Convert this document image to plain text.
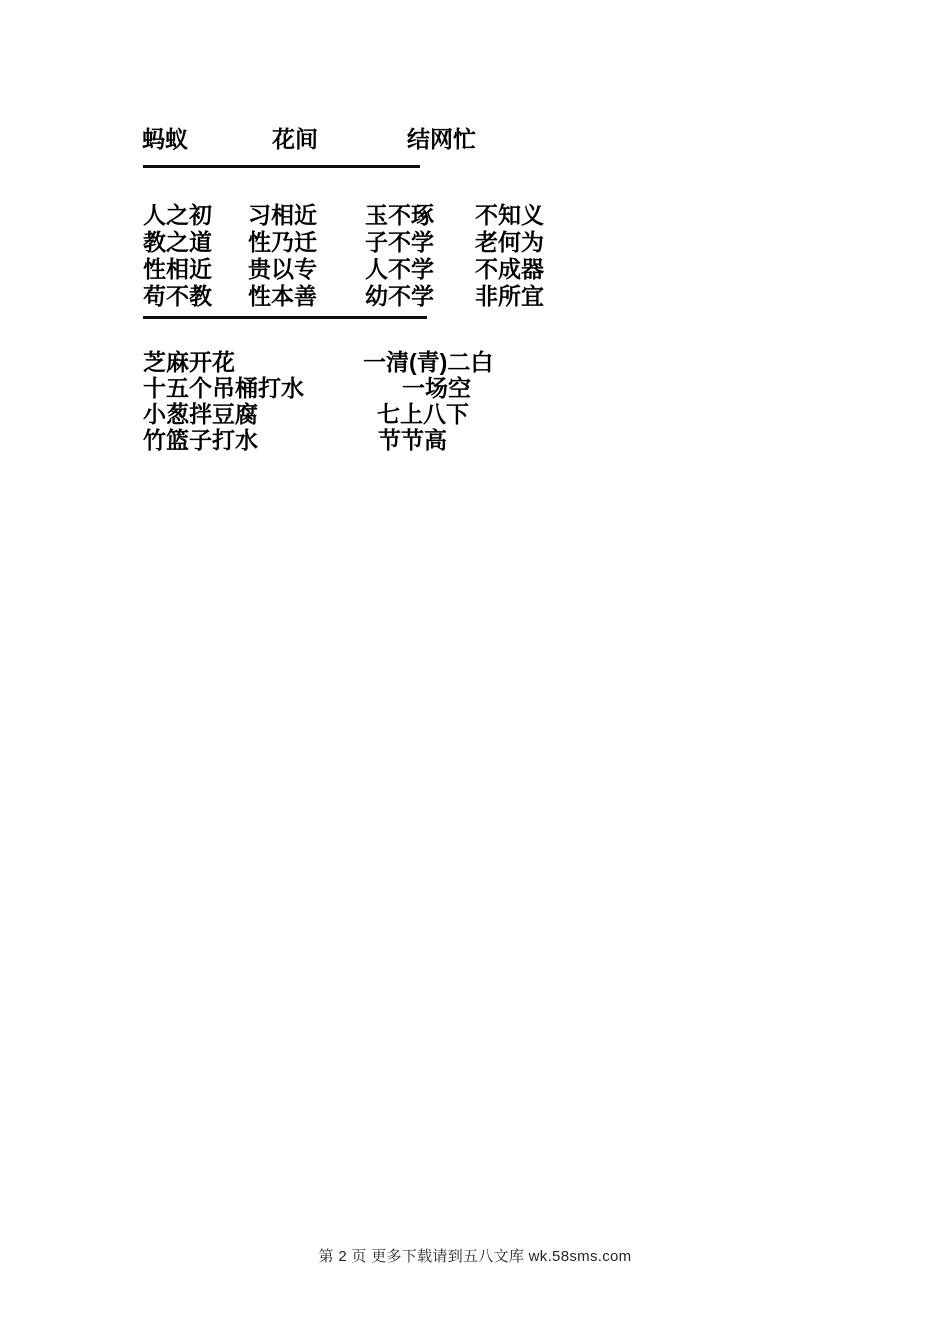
蚂蚁	花间	结网忙
人之初	习相近	玉不琢	不知义
教之道	性乃迁	子不学	老何为
性相近	贵以专	人不学	不成器
苟不教	性本善	幼不学	非所宜
芝麻开花	一清(青)二白
十五个吊桶打水	一场空
小葱拌豆腐	七上八下
竹篮子打水	节节高
第 2 页 更多下载请到五八文库 wk.58sms.com
